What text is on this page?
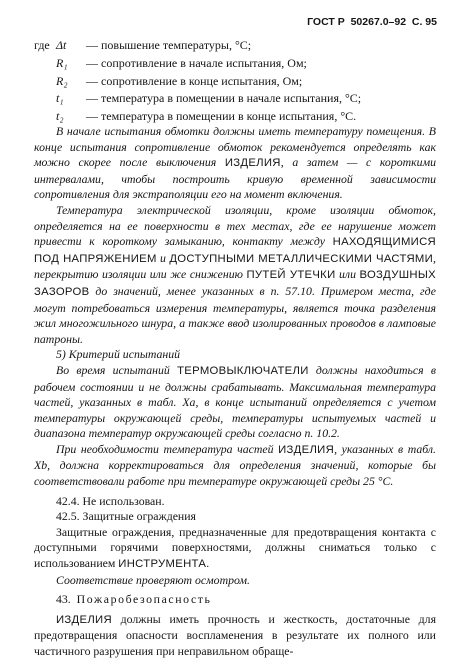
ГОСТ Р  50267.0–92  С. 95
где Δt	— повышение температуры, °С;
R₁	— сопротивление в начале испытания, Ом;
R₂	— сопротивление в конце испытания, Ом;
t₁	— температура в помещении в начале испытания, °С;
t₂	— температура в помещении в конце испытания, °С.

В начале испытания обмотки должны иметь температуру помещения. В конце испытания сопротивление обмоток рекомендуется определять как можно скорее после выключения ИЗДЕЛИЯ, а затем — с короткими интервалами, чтобы построить кривую временной зависимости сопротивления для экстраполяции его на момент включения.

Температура электрической изоляции, кроме изоляции обмоток, определяется на ее поверхности в тех местах, где ее нарушение может привести к короткому замыканию, контакту между НАХОДЯЩИМИСЯ ПОД НАПРЯЖЕНИЕМ и ДОСТУПНЫМИ МЕТАЛЛИЧЕСКИМИ ЧАСТЯМИ, перекрытию изоляции или же снижению ПУТЕЙ УТЕЧКИ или ВОЗДУШНЫХ ЗАЗОРОВ до значений, менее указанных в п. 57.10. Примером места, где могут потребоваться измерения температуры, является точка разделения жил многожильного шнура, а также ввод изолированных проводов в ламповые патроны.

5) Критерий испытаний

Во время испытаний ТЕРМОВЫКЛЮЧАТЕЛИ должны находиться в рабочем состоянии и не должны срабатывать. Максимальная температура частей, указанных в табл. Ха, в конце испытаний определяется с учетом температуры окружающей среды, температуры испытуемых частей и диапазона температур окружающей среды согласно п. 10.2.

При необходимости температура частей ИЗДЕЛИЯ, указанных в табл. Хb, должна корректироваться для определения значений, которые бы соответствовали работе при температуре окружающей среды 25 °С.

42.4. Не использован.

42.5. Защитные ограждения

Защитные ограждения, предназначенные для предотвращения контакта с доступными горячими поверхностями, должны сниматься только с использованием ИНСТРУМЕНТА.

Соответствие проверяют осмотром.

43. Пожаробезопасность

ИЗДЕЛИЯ должны иметь прочность и жесткость, достаточные для предотвращения опасности воспламенения в результате их полного или частичного разрушения при неправильном обраще-
